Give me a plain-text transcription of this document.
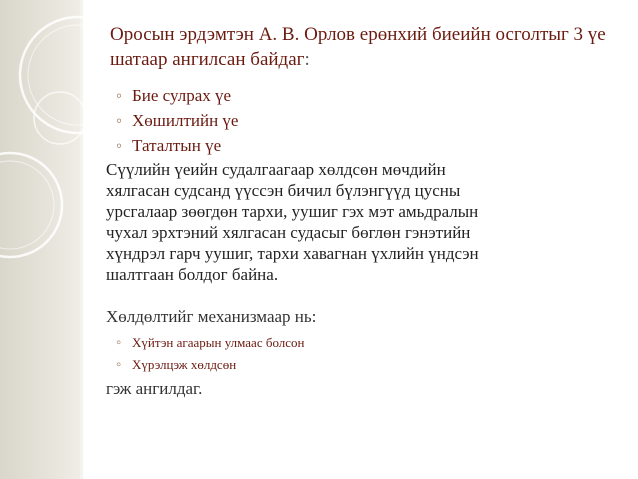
Оросын эрдэмтэн А. В. Орлов ерөнхий биеийн осголтыг 3 үе шатаар ангилсан байдаг:
◦ Бие сулрах үе
◦ Хөшилтийн үе
◦ Таталтын үе
Сүүлийн үеийн судалгаагаар хөлдсөн мөчдийн
хялгасан судсанд үүссэн бичил бүлэнгүүд цусны
урсгалаар зөөгдөн тархи, уушиг гэх мэт амьдралын
чухал эрхтэний хялгасан судасыг бөглөн гэнэтийн
хүндрэл гарч уушиг, тархи хавагнан үхлийн үндсэн
шалтгаан болдог байна.
Хөлдөлтийг механизмаар нь:
◦ Хүйтэн агаарын улмаас болсон
◦ Хүрэлцэж хөлдсөн
гэж ангилдаг.
